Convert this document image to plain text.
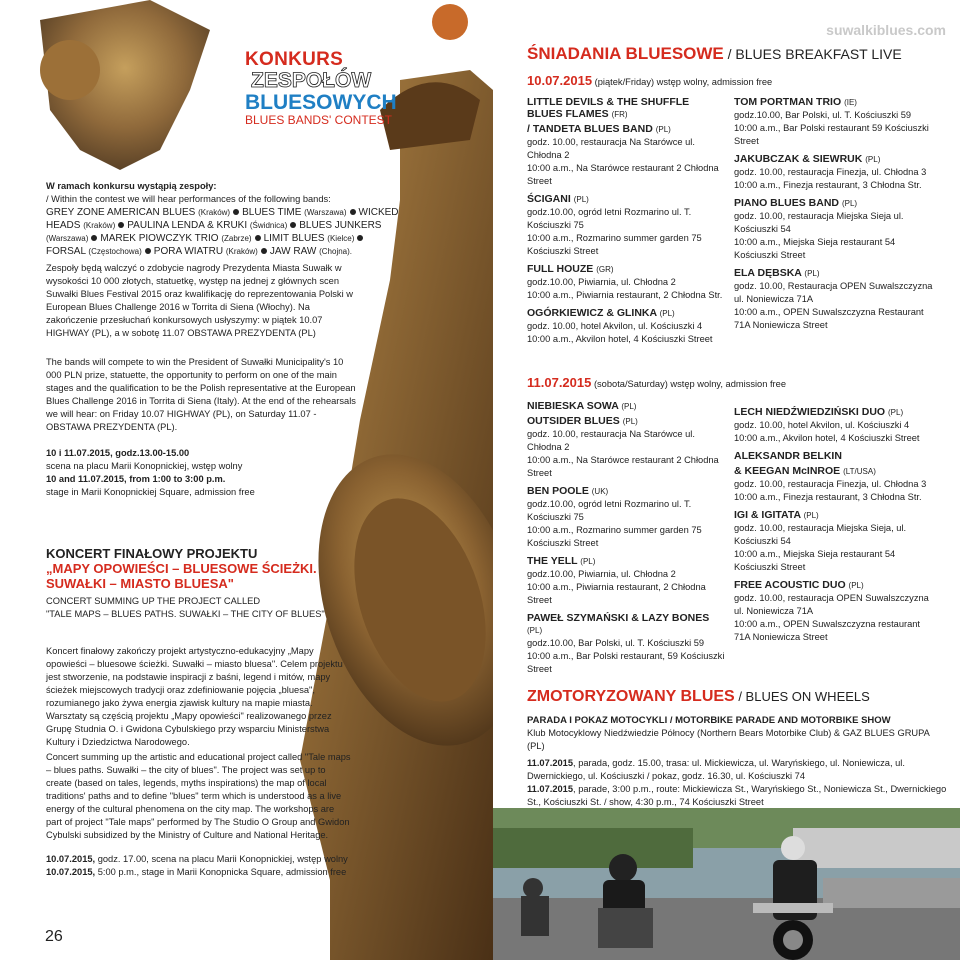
KONKURS
ZESPOŁÓW
BLUESOWYCH
BLUES BANDS' CONTEST
W ramach konkursu wystąpią zespoły:
/ Within the contest we will hear performances of the following bands:
GREY ZONE AMERICAN BLUES (Kraków) BLUES TIME (Warszawa) WICKED HEADS (Kraków) PAULINA LENDA & KRUKI (Świdnica) BLUES JUNKERS (Warszawa) MAREK PIOWCZYK TRIO (Zabrze) LIMIT BLUES (Kielce)FORSAL (Częstochowa) PORA WIATRU (Kraków) JAW RAW (Chojna).
Zespoły będą walczyć o zdobycie nagrody Prezydenta Miasta Suwałk w wysokości 10 000 złotych, statuetkę, występ na jednej z głównych scen Suwałki Blues Festival 2015 oraz kwalifikację do reprezentowania Polski w European Blues Challenge 2016 w Torrita di Siena (Włochy). Na zakończenie przesłuchań konkursowych usłyszymy: w piątek 10.07 HIGHWAY (PL), a w sobotę 11.07 OBSTAWA PREZYDENTA (PL)
The bands will compete to win the President of Suwałki Municipality's 10 000 PLN prize, statuette, the opportunity to perform on one of the main stages and the qualification to be the Polish representative at the European Blues Challenge 2016 in Torrita di Siena (Italy). At the end of the rehearsals we will hear: on Friday 10.07 HIGHWAY (PL), on Saturday 11.07 - OBSTAWA PREZYDENTA (PL).
10 i 11.07.2015, godz.13.00-15.00
scena na placu Marii Konopnickiej, wstęp wolny
10 and 11.07.2015, from 1:00 to 3:00 p.m.
stage in Marii Konopnickiej Square, admission free
KONCERT FINAŁOWY PROJEKTU
„MAPY OPOWIEŚCI – BLUESOWE ŚCIEŻKI.
SUWAŁKI – MIASTO BLUESA"
CONCERT SUMMING UP THE PROJECT CALLED
"TALE MAPS – BLUES PATHS. SUWAŁKI – THE CITY OF BLUES"
Koncert finałowy zakończy projekt artystyczno-edukacyjny „Mapy opowieści – bluesowe ścieżki. Suwałki – miasto bluesa". Celem projektu jest stworzenie, na podstawie inspiracji z baśni, legend i mitów, mapy ścieżek miejscowych tradycji oraz zdefiniowanie pojęcia „bluesa", rozumianego jako żywa energia zjawisk kultury na mapie miasta. Warsztaty są częścią projektu „Mapy opowieści" realizowanego przez Grupę Studnia O. i Gwidona Cybulskiego przy wsparciu Ministerstwa Kultury i Dziedzictwa Narodowego.
Concert summing up the artistic and educational project called "Tale maps – blues paths. Suwałki – the city of blues". The project was set up to create (based on tales, legends, myths inspirations) the map of local traditions' paths and to define "blues" term which is understood as a live energy of the cultural phenomena on the city map. The workshops are part of project "Tale maps" performed by The Studio O Group and Gwidon Cybulski subsidized by the Ministry of Culture and National Heritage.
10.07.2015, godz. 17.00, scena na placu Marii Konopnickiej, wstęp wolny
10.07.2015, 5:00 p.m., stage in Marii Konopnicka Square, admission free
26
suwalkiblues.com
ŚNIADANIA BLUESOWE / BLUES BREAKFAST LIVE
10.07.2015 (piątek/Friday) wstęp wolny, admission free
LITTLE DEVILS & THE SHUFFLE BLUES FLAMES (FR)
/ TANDETA BLUES BAND (PL)
godz. 10.00, restauracja Na Starówce ul. Chłodna 2
10:00 a.m., Na Starówce restaurant 2 Chłodna Street
ŚCIGANI (PL)
godz.10.00, ogród letni Rozmarino ul. T. Kościuszki 75
10:00 a.m., Rozmarino summer garden 75 Kościuszki Street
FULL HOUZE (GR)
godz.10.00, Piwiarnia, ul. Chłodna 2
10:00 a.m., Piwiarnia restaurant, 2 Chłodna Str.
OGÓRKIEWICZ & GLINKA (PL)
godz. 10.00, hotel Akvilon, ul. Kościuszki 4
10:00 a.m., Akvilon hotel, 4 Kościuszki Street
TOM PORTMAN TRIO (IE)
godz.10.00, Bar Polski, ul. T. Kościuszki 59
10:00 a.m., Bar Polski restaurant 59 Kościuszki Street
JAKUBCZAK & SIEWRUK (PL)
godz. 10.00, restauracja Finezja, ul. Chłodna 3
10:00 a.m., Finezja restaurant, 3 Chłodna Str.
PIANO BLUES BAND (PL)
godz. 10.00, restauracja Miejska Sieja ul. Kościuszki 54
10:00 a.m., Miejska Sieja restaurant 54 Kościuszki Street
ELA DĘBSKA (PL)
godz. 10.00, Restauracja OPEN Suwalszczyzna ul. Noniewicza 71A
10:00 a.m., OPEN Suwalszczyzna Restaurant 71A Noniewicza Street
11.07.2015 (sobota/Saturday) wstęp wolny, admission free
NIEBIESKA SOWA (PL)
OUTSIDER BLUES (PL)
godz. 10.00, restauracja Na Starówce ul. Chłodna 2
10:00 a.m., Na Starówce restaurant 2 Chłodna Street
BEN POOLE (UK)
godz.10.00, ogród letni Rozmarino ul. T. Kościuszki 75
10:00 a.m., Rozmarino summer garden 75 Kościuszki Street
THE YELL (PL)
godz.10.00, Piwiarnia, ul. Chłodna 2
10:00 a.m., Piwiarnia restaurant, 2 Chłodna Street
PAWEŁ SZYMAŃSKI & LAZY BONES (PL)
godz.10.00, Bar Polski, ul. T. Kościuszki 59
10:00 a.m., Bar Polski restaurant, 59 Kościuszki Street
LECH NIEDŹWIEDZIŃSKI DUO (PL)
godz. 10.00, hotel Akvilon, ul. Kościuszki 4
10:00 a.m., Akvilon hotel, 4 Kościuszki Street
ALEKSANDR BELKIN
& KEEGAN McINROE (LT/USA)
godz. 10.00, restauracja Finezja, ul. Chłodna 3
10:00 a.m., Finezja restaurant, 3 Chłodna Str.
IGI & IGITATA (PL)
godz. 10.00, restauracja Miejska Sieja, ul. Kościuszki 54
10:00 a.m., Miejska Sieja restaurant 54 Kościuszki Street
FREE ACOUSTIC DUO (PL)
godz. 10.00, restauracja OPEN Suwalszczyzna ul. Noniewicza 71A
10:00 a.m., OPEN Suwalszczyzna restaurant 71A Noniewicza Street
ZMOTORYZOWANY BLUES / BLUES ON WHEELS
PARADA I POKAZ MOTOCYKLI / MOTORBIKE PARADE AND MOTORBIKE SHOW
Klub Motocyklowy Niedźwiedzie Północy (Northern Bears Motorbike Club) & GAZ BLUES GRUPA (PL)
11.07.2015, parada, godz. 15.00, trasa: ul. Mickiewicza, ul. Waryńskiego, ul. Noniewicza, ul. Dwernickiego, ul. Kościuszki / pokaz, godz. 16.30, ul. Kościuszki 74
11.07.2015, parade, 3:00 p.m., route: Mickiewicza St., Waryńskiego St., Noniewicza St., Dwernickiego St., Kościuszki St. / show, 4:30 p.m., 74 Kościuszki Street
